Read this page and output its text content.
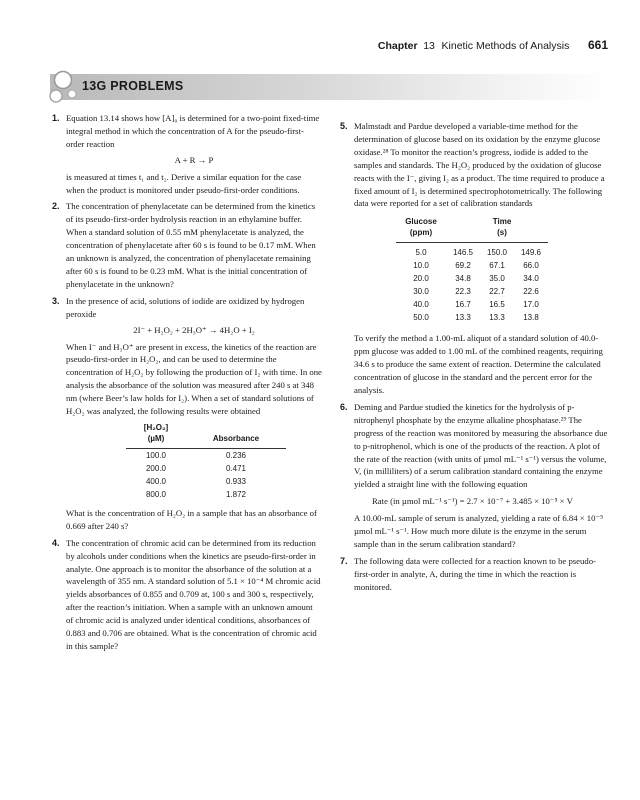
Chapter 13 Kinetic Methods of Analysis 661
13G PROBLEMS
1. Equation 13.14 shows how [A]₀ is determined for a two-point fixed-time integral method in which the concentration of A for the pseudo-first-order reaction

A + R → P

is measured at times t₁ and t₂. Derive a similar equation for the case when the product is monitored under pseudo-first-order conditions.

2. The concentration of phenylacetate can be determined from the kinetics of its pseudo-first-order hydrolysis reaction in an ethylamine buffer. When a standard solution of 0.55 mM phenylacetate is analyzed, the concentration of phenylacetate after 60 s is found to be 0.17 mM. When an unknown is analyzed, the concentration of phenylacetate remaining after 60 s is found to be 0.23 mM. What is the initial concentration of phenylacetate in the unknown?

3. In the presence of acid, solutions of iodide are oxidized by hydrogen peroxide

2I⁻ + H₂O₂ + 2H₃O⁺ → 4H₂O + I₂

When I⁻ and H₃O⁺ are present in excess, the kinetics of the reaction are pseudo-first-order in H₂O₂, and can be used to determine the concentration of H₂O₂ by following the production of I₂ with time. In one analysis the absorbance of the solution was measured after 240 s at 348 nm (where Beer’s law holds for I₂). When a set of standard solutions of H₂O₂ was analyzed, the following results were obtained

[H₂O₂]
(µM)	Absorbance
100.0	0.236
200.0	0.471
400.0	0.933
800.0	1.872

What is the concentration of H₂O₂ in a sample that has an absorbance of 0.669 after 240 s?

4. The concentration of chromic acid can be determined from its reduction by alcohols under conditions when the kinetics are pseudo-first-order in analyte. One approach is to monitor the absorbance of the solution at a wavelength of 355 nm. A standard solution of 5.1 × 10⁻⁴ M chromic acid yields absorbances of 0.855 and 0.709 at, 100 s and 300 s, respectively, after the reaction’s initiation. When a sample with an unknown amount of chromic acid is analyzed under identical conditions, absorbances of 0.883 and 0.706 are obtained. What is the concentration of chromic acid in this sample?

5. Malmstadt and Pardue developed a variable-time method for the determination of glucose based on its oxidation by the enzyme glucose oxidase.²⁸ To monitor the reaction’s progress, iodide is added to the samples and standards. The H₂O₂ produced by the oxidation of glucose reacts with the I⁻, giving I₂ as a product. The time required to produce a fixed amount of I₂ is determined spectrophotometrically. The following data were reported for a set of calibration standards

Glucose
(ppm)	Time
(s)		
5.0	146.5	150.0	149.6
10.0	69.2	67.1	66.0
20.0	34.8	35.0	34.0
30.0	22.3	22.7	22.6
40.0	16.7	16.5	17.0
50.0	13.3	13.3	13.8

To verify the method a 1.00-mL aliquot of a standard solution of 40.0-ppm glucose was added to 1.00 mL of the combined reagents, requiring 34.6 s to produce the same extent of reaction. Determine the calculated concentration of glucose in the standard and the percent error for the analysis.

6. Deming and Pardue studied the kinetics for the hydrolysis of p-nitrophenyl phosphate by the enzyme alkaline phosphatase.²⁹ The progress of the reaction was monitored by measuring the absorbance due to p-nitrophenol, which is one of the products of the reaction. A plot of the rate of the reaction (with units of µmol mL⁻¹ s⁻¹) versus the volume, V, (in milliliters) of a serum calibration standard containing the enzyme yielded a straight line with the following equation

Rate (in µmol mL⁻¹ s⁻¹) = 2.7 × 10⁻⁷ + 3.485 × 10⁻⁵ × V

A 10.00-mL sample of serum is analyzed, yielding a rate of 6.84 × 10⁻⁵ µmol mL⁻¹ s⁻¹. How much more dilute is the enzyme in the serum sample than in the serum calibration standard?

7. The following data were collected for a reaction known to be pseudo-first-order in analyte, A, during the time in which the reaction is monitored.
